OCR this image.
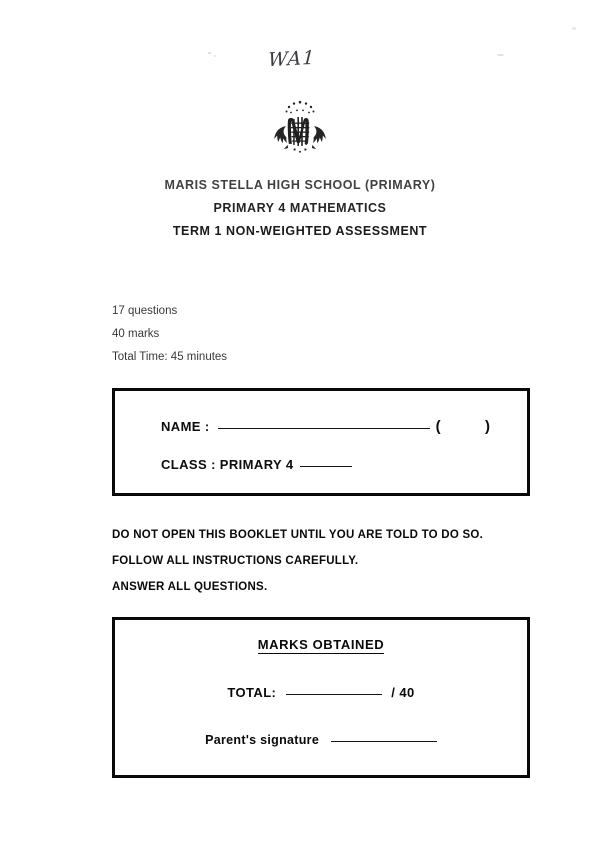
WA1
MARIS STELLA HIGH SCHOOL (PRIMARY)
PRIMARY 4 MATHEMATICS
TERM 1 NON-WEIGHTED ASSESSMENT
17 questions
40 marks
Total Time: 45 minutes
NAME :	(	)
CLASS : PRIMARY 4
DO NOT OPEN THIS BOOKLET UNTIL YOU ARE TOLD TO DO SO.
FOLLOW ALL INSTRUCTIONS CAREFULLY.
ANSWER ALL QUESTIONS.
MARKS OBTAINED
TOTAL:	/ 40
Parent's signature
